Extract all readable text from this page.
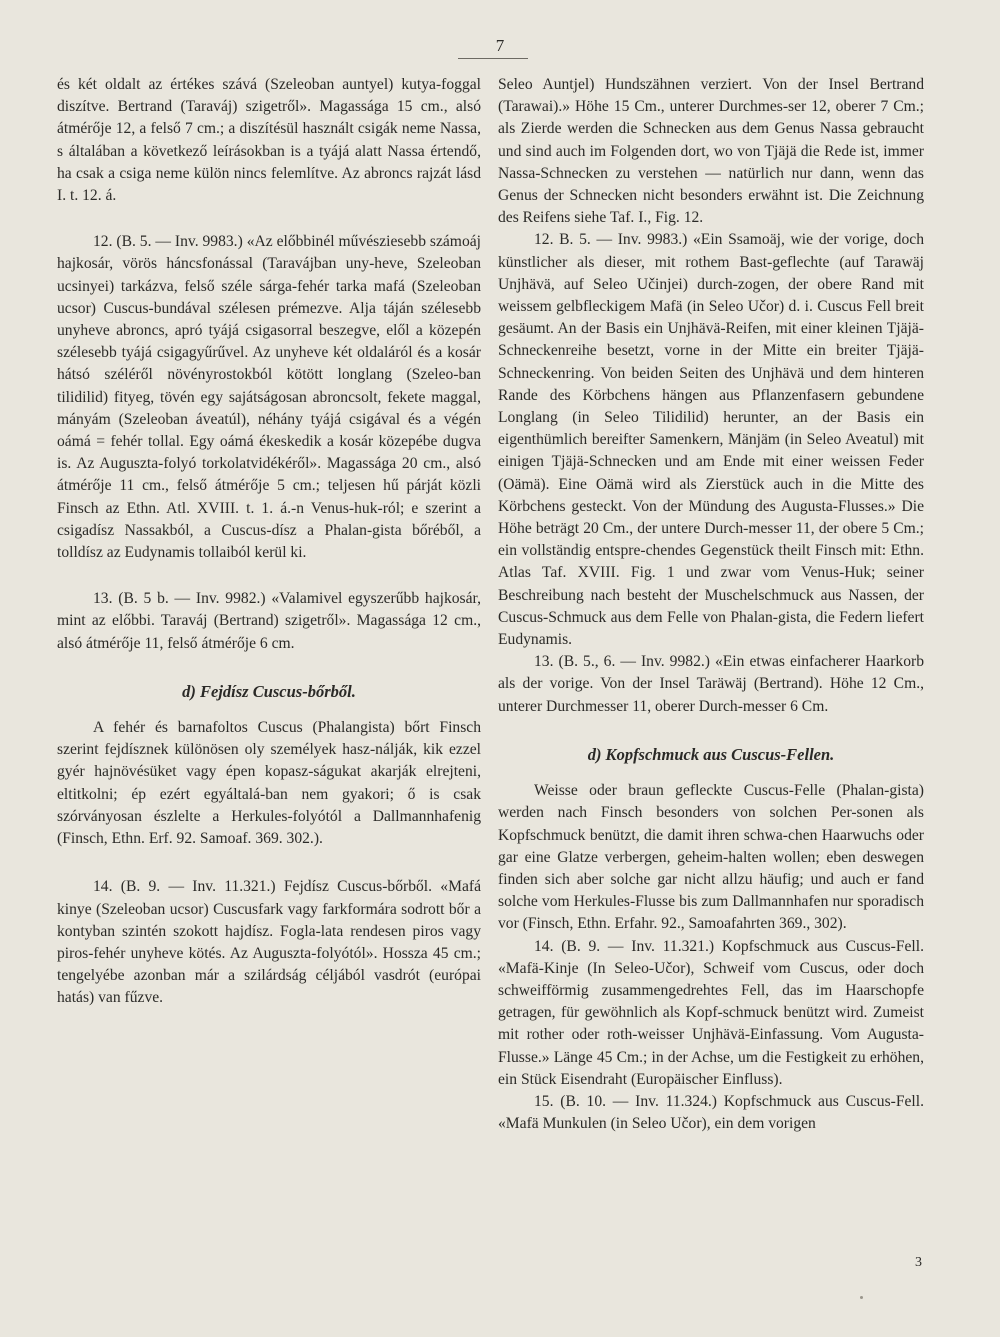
7

és két oldalt az értékes szává (Szeleoban auntyel) kutya-foggal diszítve. Bertrand (Taraváj) szigetről». Magassága 15 cm., alsó átmérője 12, a felső 7 cm.; a diszítésül használt csigák neme Nassa, s általában a következő leírásokban is a tyájá alatt Nassa értendő, ha csak a csiga neme külön nincs felemlítve. Az abroncs rajzát lásd I. t. 12. á.

12. (B. 5. — Inv. 9983.) «Az előbbinél művésziesebb számoáj hajkosár, vörös háncsfonással (Taravájban uny-heve, Szeleoban ucsinyei) tarkázva, felső széle sárga-fehér tarka mafá (Szeleoban ucsor) Cuscus-bundával szélesen prémezve. Alja táján szélesebb unyheve abroncs, apró tyájá csigasorral beszegve, elől a közepén szélesebb tyájá csigagyűrűvel. Az unyheve két oldaláról és a kosár hátsó széléről növényrostokból kötött longlang (Szeleo-ban tilidilid) fityeg, tövén egy sajátságosan abroncsolt, fekete maggal, mányám (Szeleoban áveatúl), néhány tyájá csigával és a végén oámá = fehér tollal. Egy oámá ékeskedik a kosár közepébe dugva is. Az Auguszta-folyó torkolatvidékéről». Magassága 20 cm., alsó átmérője 11 cm., felső átmérője 5 cm.; teljesen hű párját közli Finsch az Ethn. Atl. XVIII. t. 1. á.-n Venus-huk-ról; e szerint a csigadísz Nassakból, a Cuscus-dísz a Phalan-gista bőréből, a tolldísz az Eudynamis tollaiból kerül ki.

13. (B. 5 b. — Inv. 9982.) «Valamivel egyszerűbb hajkosár, mint az előbbi. Taraváj (Bertrand) szigetről». Magassága 12 cm., alsó átmérője 11, felső átmérője 6 cm.

d) Fejdísz Cuscus-bőrből.

A fehér és barnafoltos Cuscus (Phalangista) bőrt Finsch szerint fejdísznek különösen oly személyek hasz-nálják, kik ezzel gyér hajnövésüket vagy épen kopasz-ságukat akarják elrejteni, eltitkolni; ép ezért egyáltalá-ban nem gyakori; ő is csak szórványosan észlelte a Herkules-folyótól a Dallmannhafenig (Finsch, Ethn. Erf. 92. Samoaf. 369. 302.).

14. (B. 9. — Inv. 11.321.) Fejdísz Cuscus-bőrből. «Mafá kinye (Szeleoban ucsor) Cuscusfark vagy farkformára sodrott bőr a kontyban szintén szokott hajdísz. Fogla-lata rendesen piros vagy piros-fehér unyheve kötés. Az Auguszta-folyótól». Hossza 45 cm.; tengelyébe azonban már a szilárdság céljából vasdrót (európai hatás) van fűzve.

Seleo Auntjel) Hundszähnen verziert. Von der Insel Bertrand (Tarawai).» Höhe 15 Cm., unterer Durchmes-ser 12, oberer 7 Cm.; als Zierde werden die Schnecken aus dem Genus Nassa gebraucht und sind auch im Folgenden dort, wo von Tjäjä die Rede ist, immer Nassa-Schnecken zu verstehen — natürlich nur dann, wenn das Genus der Schnecken nicht besonders erwähnt ist. Die Zeichnung des Reifens siehe Taf. I., Fig. 12.

12. B. 5. — Inv. 9983.) «Ein Ssamoäj, wie der vorige, doch künstlicher als dieser, mit rothem Bast-geflechte (auf Tarawäj Unjhävä, auf Seleo Učinjei) durch-zogen, der obere Rand mit weissem gelbfleckigem Mafä (in Seleo Učor) d. i. Cuscus Fell breit gesäumt. An der Basis ein Unjhävä-Reifen, mit einer kleinen Tjäjä-Schneckenreihe besetzt, vorne in der Mitte ein breiter Tjäjä-Schneckenring. Von beiden Seiten des Unjhävä und dem hinteren Rande des Körbchens hängen aus Pflanzenfasern gebundene Longlang (in Seleo Tilidilid) herunter, an der Basis ein eigenthümlich bereifter Samenkern, Mänjäm (in Seleo Aveatul) mit einigen Tjäjä-Schnecken und am Ende mit einer weissen Feder (Oämä). Eine Oämä wird als Zierstück auch in die Mitte des Körbchens gesteckt. Von der Mündung des Augusta-Flusses.» Die Höhe beträgt 20 Cm., der untere Durch-messer 11, der obere 5 Cm.; ein vollständig entspre-chendes Gegenstück theilt Finsch mit: Ethn. Atlas Taf. XVIII. Fig. 1 und zwar vom Venus-Huk; seiner Beschreibung nach besteht der Muschelschmuck aus Nassen, der Cuscus-Schmuck aus dem Felle von Phalan-gista, die Federn liefert Eudynamis.

13. (B. 5., 6. — Inv. 9982.) «Ein etwas einfacherer Haarkorb als der vorige. Von der Insel Taräwäj (Bertrand). Höhe 12 Cm., unterer Durchmesser 11, oberer Durch-messer 6 Cm.

d) Kopfschmuck aus Cuscus-Fellen.

Weisse oder braun gefleckte Cuscus-Felle (Phalan-gista) werden nach Finsch besonders von solchen Per-sonen als Kopfschmuck benützt, die damit ihren schwa-chen Haarwuchs oder gar eine Glatze verbergen, geheim-halten wollen; eben deswegen finden sich aber solche gar nicht allzu häufig; und auch er fand solche vom Herkules-Flusse bis zum Dallmannhafen nur sporadisch vor (Finsch, Ethn. Erfahr. 92., Samoafahrten 369., 302).

14. (B. 9. — Inv. 11.321.) Kopfschmuck aus Cuscus-Fell. «Mafä-Kinje (In Seleo-Učor), Schweif vom Cuscus, oder doch schweifförmig zusammengedrehtes Fell, das im Haarschopfe getragen, für gewöhnlich als Kopf-schmuck benützt wird. Zumeist mit rother oder roth-weisser Unjhävä-Einfassung. Vom Augusta-Flusse.» Länge 45 Cm.; in der Achse, um die Festigkeit zu erhöhen, ein Stück Eisendraht (Europäischer Einfluss).

15. (B. 10. — Inv. 11.324.) Kopfschmuck aus Cuscus-Fell. «Mafä Munkulen (in Seleo Učor), ein dem vorigen

3
